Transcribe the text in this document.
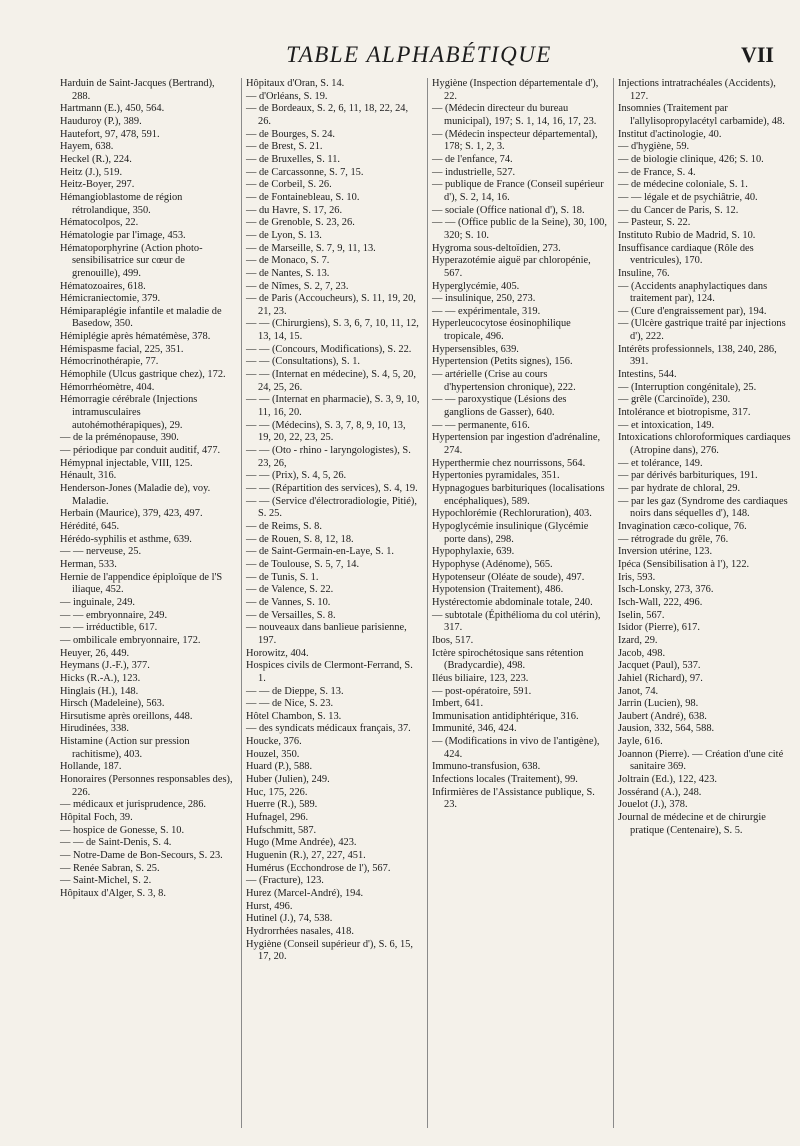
TABLE ALPHABÉTIQUE	VII

Harduin de Saint-Jacques (Bertrand), 288.

Hartmann (E.), 450, 564.

Hauduroy (P.), 389.

Hautefort, 97, 478, 591.

Hayem, 638.

Heckel (R.), 224.

Heitz (J.), 519.

Heitz-Boyer, 297.

Hémangioblastome de région rétrolandique, 350.

Hématocolpos, 22.

Hématologie par l'image, 453.

Hématoporphyrine (Action photo-sensibilisatrice sur cœur de grenouille), 499.

Hématozoaires, 618.

Hémicraniectomie, 379.

Hémiparaplégie infantile et maladie de Basedow, 350.

Hémiplégie après hématémèse, 378.

Hémispasme facial, 225, 351.

Hémocrinothérapie, 77.

Hémophile (Ulcus gastrique chez), 172.

Hémorrhéomètre, 404.

Hémorragie cérébrale (Injections intramusculaires autohémothérapiques), 29.

— de la préménopause, 390.

— périodique par conduit auditif, 477.

Hémypnal injectable, VIII, 125.

Hénault, 316.

Henderson-Jones (Maladie de), voy. Maladie.

Herbain (Maurice), 379, 423, 497.

Hérédité, 645.

Hérédo-syphilis et asthme, 639.

— — nerveuse, 25.

Herman, 533.

Hernie de l'appendice épiploïque de l'S iliaque, 452.

— inguinale, 249.

— — embryonnaire, 249.

— — irréductible, 617.

— ombilicale embryonnaire, 172.

Heuyer, 26, 449.

Heymans (J.-F.), 377.

Hicks (R.-A.), 123.

Hinglais (H.), 148.

Hirsch (Madeleine), 563.

Hirsutisme après oreillons, 448.

Hirudinées, 338.

Histamine (Action sur pression rachitisme), 403.

Hollande, 187.

Honoraires (Personnes responsables des), 226.

— médicaux et jurisprudence, 286.

Hôpital Foch, 39.

— hospice de Gonesse, S. 10.

— — de Saint-Denis, S. 4.

— Notre-Dame de Bon-Secours, S. 23.

— Renée Sabran, S. 25.

— Saint-Michel, S. 2.

Hôpitaux d'Alger, S. 3, 8.

Hôpitaux d'Oran, S. 14.

— d'Orléans, S. 19.

— de Bordeaux, S. 2, 6, 11, 18, 22, 24, 26.

— de Bourges, S. 24.

— de Brest, S. 21.

— de Bruxelles, S. 11.

— de Carcassonne, S. 7, 15.

— de Corbeil, S. 26.

— de Fontainebleau, S. 10.

— du Havre, S. 17, 26.

— de Grenoble, S. 23, 26.

— de Lyon, S. 13.

— de Marseille, S. 7, 9, 11, 13.

— de Monaco, S. 7.

— de Nantes, S. 13.

— de Nîmes, S. 2, 7, 23.

— de Paris (Accoucheurs), S. 11, 19, 20, 21, 23.

— — (Chirurgiens), S. 3, 6, 7, 10, 11, 12, 13, 14, 15.

— — (Concours, Modifications), S. 22.

— — (Consultations), S. 1.

— — (Internat en médecine), S. 4, 5, 20, 24, 25, 26.

— — (Internat en pharmacie), S. 3, 9, 10, 11, 16, 20.

— — (Médecins), S. 3, 7, 8, 9, 10, 13, 19, 20, 22, 23, 25.

— — (Oto - rhino - laryngologistes), S. 23, 26,

— — (Prix), S. 4, 5, 26.

— — (Répartition des services), S. 4, 19.

— — (Service d'électroradiologie, Pitié), S. 25.

— de Reims, S. 8.

— de Rouen, S. 8, 12, 18.

— de Saint-Germain-en-Laye, S. 1.

— de Toulouse, S. 5, 7, 14.

— de Tunis, S. 1.

— de Valence, S. 22.

— de Vannes, S. 10.

— de Versailles, S. 8.

— nouveaux dans banlieue parisienne, 197.

Horowitz, 404.

Hospices civils de Clermont-Ferrand, S. 1.

— — de Dieppe, S. 13.

— — de Nice, S. 23.

Hôtel Chambon, S. 13.

— des syndicats médicaux français, 37.

Houcke, 376.

Houzel, 350.

Huard (P.), 588.

Huber (Julien), 249.

Huc, 175, 226.

Huerre (R.), 589.

Hufnagel, 296.

Hufschmitt, 587.

Hugo (Mme Andrée), 423.

Huguenin (R.), 27, 227, 451.

Humérus (Ecchondrose de l'), 567.

— (Fracture), 123.

Hurez (Marcel-André), 194.

Hurst, 496.

Hutinel (J.), 74, 538.

Hydrorrhées nasales, 418.

Hygiène (Conseil supérieur d'), S. 6, 15, 17, 20.

Hygiène (Inspection départementale d'), 22.

— (Médecin directeur du bureau municipal), 197; S. 1, 14, 16, 17, 23.

— (Médecin inspecteur départemental), 178; S. 1, 2, 3.

— de l'enfance, 74.

— industrielle, 527.

— publique de France (Conseil supérieur d'), S. 2, 14, 16.

— sociale (Office national d'), S. 18.

— — (Office public de la Seine), 30, 100, 320; S. 10.

Hygroma sous-deltoïdien, 273.

Hyperazotémie aiguë par chloropénie, 567.

Hyperglycémie, 405.

— insulinique, 250, 273.

— — expérimentale, 319.

Hyperleucocytose éosinophilique tropicale, 496.

Hypersensibles, 639.

Hypertension (Petits signes), 156.

— artérielle (Crise au cours d'hypertension chronique), 222.

— — paroxystique (Lésions des ganglions de Gasser), 640.

— — permanente, 616.

Hypertension par ingestion d'adrénaline, 274.

Hyperthermie chez nourrissons, 564.

Hypertonies pyramidales, 351.

Hypnagogues barbituriques (localisations encéphaliques), 589.

Hypochlorémie (Rechloruration), 403.

Hypoglycémie insulinique (Glycémie porte dans), 298.

Hypophylaxie, 639.

Hypophyse (Adénome), 565.

Hypotenseur (Oléate de soude), 497.

Hypotension (Traitement), 486.

Hystérectomie abdominale totale, 240.

— subtotale (Épithélioma du col utérin), 317.

Ibos, 517.

Ictère spirochétosique sans rétention (Bradycardie), 498.

Iléus biliaire, 123, 223.

— post-opératoire, 591.

Imbert, 641.

Immunisation antidiphtérique, 316.

Immunité, 346, 424.

— (Modifications in vivo de l'antigène), 424.

Immuno-transfusion, 638.

Infections locales (Traitement), 99.

Infirmières de l'Assistance publique, S. 23.

Injections intratrachéales (Accidents), 127.

Insomnies (Traitement par l'allylisopropylacétyl carbamide), 48.

Institut d'actinologie, 40.

— d'hygiène, 59.

— de biologie clinique, 426; S. 10.

— de France, S. 4.

— de médecine coloniale, S. 1.

— — légale et de psychiâtrie, 40.

— du Cancer de Paris, S. 12.

— Pasteur, S. 22.

Instituto Rubio de Madrid, S. 10.

Insuffisance cardiaque (Rôle des ventricules), 170.

Insuline, 76.

— (Accidents anaphylactiques dans traitement par), 124.

— (Cure d'engraissement par), 194.

— (Ulcère gastrique traité par injections d'), 222.

Intérêts professionnels, 138, 240, 286, 391.

Intestins, 544.

— (Interruption congénitale), 25.

— grêle (Carcinoïde), 230.

Intolérance et biotropisme, 317.

— et intoxication, 149.

Intoxications chloroformiques cardiaques (Atropine dans), 276.

— et tolérance, 149.

— par dérivés barbituriques, 191.

— par hydrate de chloral, 29.

— par les gaz (Syndrome des cardiaques noirs dans séquelles d'), 148.

Invagination cæco-colique, 76.

— rétrograde du grêle, 76.

Inversion utérine, 123.

Ipéca (Sensibilisation à l'), 122.

Iris, 593.

Isch-Lonsky, 273, 376.

Isch-Wall, 222, 496.

Iselin, 567.

Isidor (Pierre), 617.

Izard, 29.

Jacob, 498.

Jacquet (Paul), 537.

Jahiel (Richard), 97.

Janot, 74.

Jarrin (Lucien), 98.

Jaubert (André), 638.

Jausion, 332, 564, 588.

Jayle, 616.

Joannon (Pierre). — Création d'une cité sanitaire 369.

Joltrain (Ed.), 122, 423.

Jossérand (A.), 248.

Jouelot (J.), 378.

Journal de médecine et de chirurgie pratique (Centenaire), S. 5.
